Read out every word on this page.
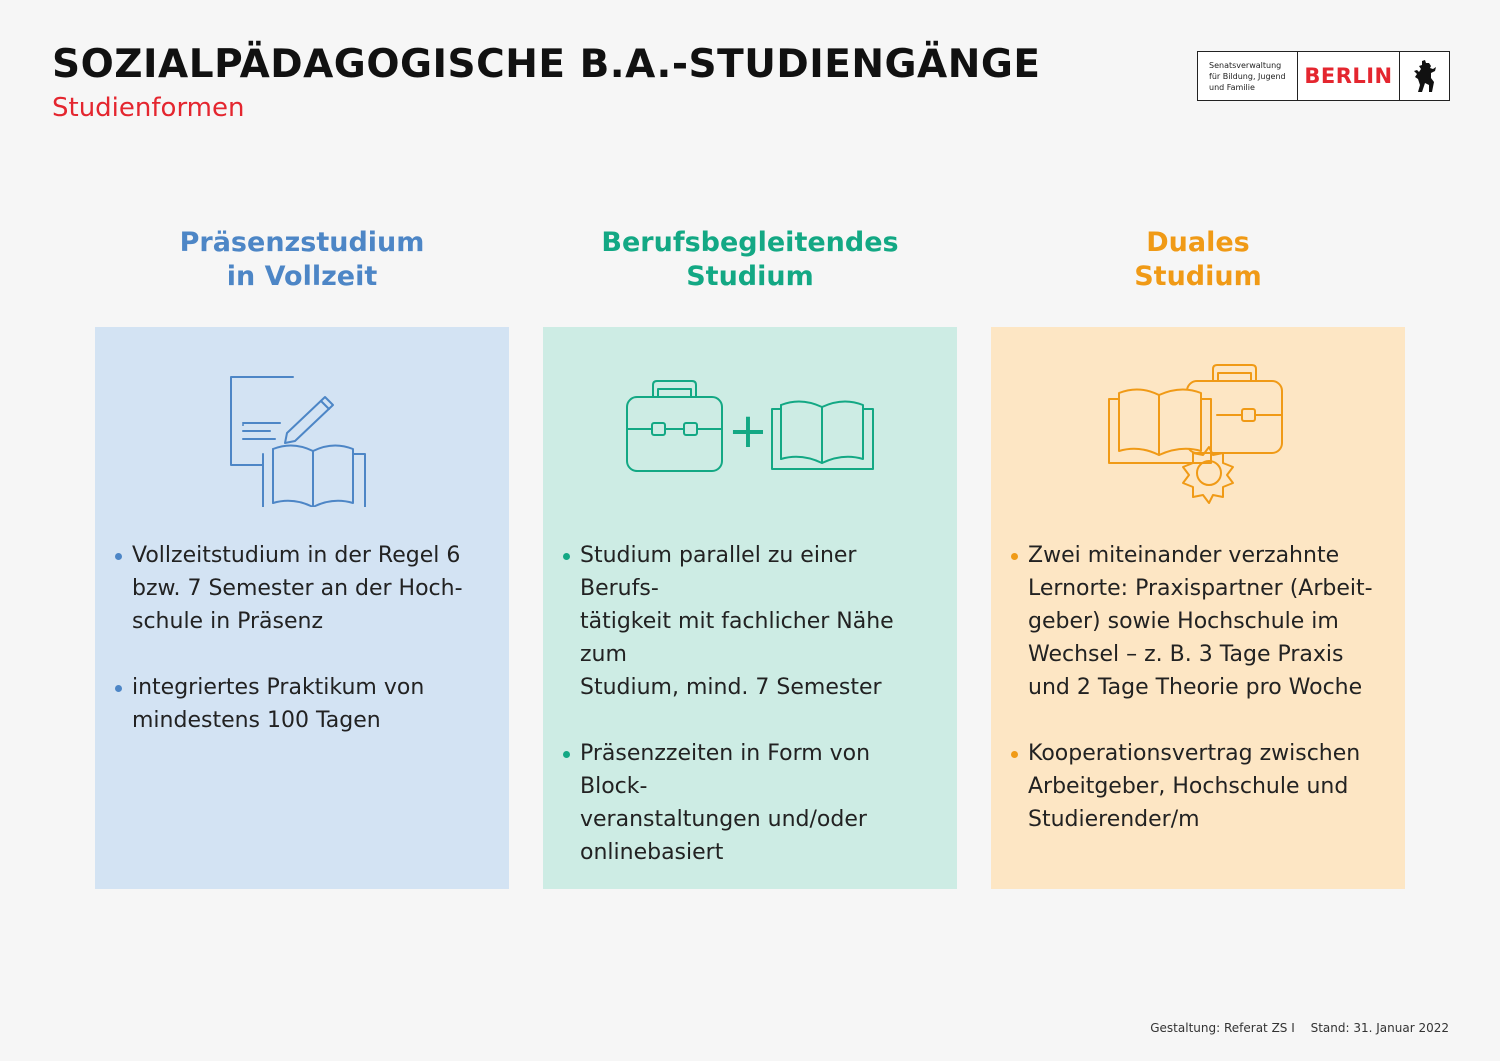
SOZIALPÄDAGOGISCHE B.A.-STUDIENGÄNGE

Studienformen

Senatsverwaltung
für Bildung, Jugend
und Familie	BERLIN
Präsenzstudium
in Vollzeit
Vollzeitstudium in der Regel 6
bzw. 7 Semester an der Hoch-
schule in Präsenz
integriertes Praktikum von
mindestens 100 Tagen
Berufsbegleitendes
Studium
+
Studium parallel zu einer Berufs-
tätigkeit mit fachlicher Nähe zum
Studium, mind. 7 Semester
Präsenzzeiten in Form von Block-
veranstaltungen und/oder
onlinebasiert
Duales
Studium
Zwei miteinander verzahnte
Lernorte: Praxispartner (Arbeit-
geber) sowie Hochschule im
Wechsel – z. B. 3 Tage Praxis
und 2 Tage Theorie pro Woche
Kooperationsvertrag zwischen
Arbeitgeber, Hochschule und
Studierender/m
Gestaltung: Referat ZS I Stand: 31. Januar 2022
